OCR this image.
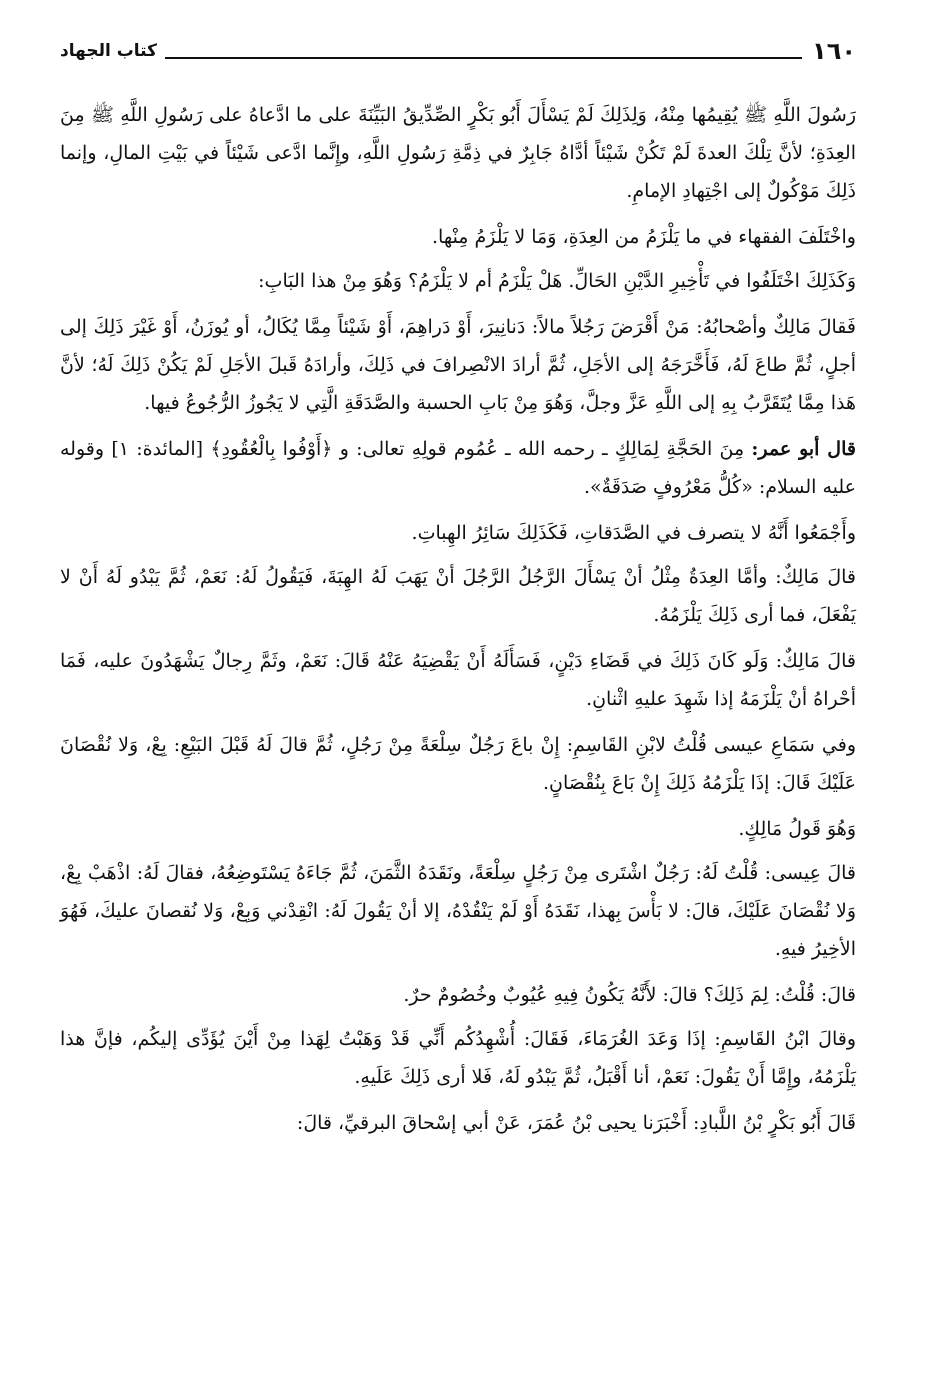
١٦٠
كتاب الجهاد

رَسُولَ اللَّهِ ﷺ يُقِيمُها مِنْهُ، وَلِذَلِكَ لَمْ يَسْأَلَ أَبُو بَكْرٍ الصِّدِّيقُ البَيِّنَةَ على ما ادَّعاهُ على رَسُولِ اللَّهِ ﷺ مِنَ العِدَةِ؛ لأنَّ تِلْكَ العدةَ لَمْ تَكُنْ شَيْئاً أدَّاهُ جَابِرٌ في ذِمَّةِ رَسُولِ اللَّهِ، وإِنَّما ادَّعى شَيْئاً في بَيْتِ المالِ، وإنما ذَلِكَ مَوْكُولٌ إلى اجْتِهادِ الإمامِ.

واخْتَلَفَ الفقهاء في ما يَلْزَمُ من العِدَةِ، وَمَا لا يَلْزَمُ مِنْها.

وَكَذَلِكَ اخْتَلَفُوا في تَأْخِيرِ الدَّيْنِ الحَالِّ. هَلْ يَلْزَمُ أم لا يَلْزَمُ؟ وَهُوَ مِنْ هذا البَابِ:

فَقالَ مَالِكٌ وأصْحابُهُ: مَنْ أَقْرَضَ رَجُلاً مالاً: دَنانِيرَ، أَوْ دَراهِمَ، أَوْ شَيْئاً مِمَّا يُكَالُ، أو يُوزَنُ، أَوْ غَيْرَ ذَلِكَ إلى أجلٍ، ثُمَّ طاعَ لَهُ، فَأَخَّرَجَهُ إلى الأجَلِ، ثُمَّ أرادَ الانْصِرافَ في ذَلِكَ، وأرادَهُ قَبلَ الأجَلِ لَمْ يَكُنْ ذَلِكَ لَهُ؛ لأنَّ هَذا مِمَّا يُتَقَرَّبُ بِهِ إلى اللَّهِ عَزَّ وجلَّ، وَهُوَ مِنْ بَابِ الحسبة والصَّدَقَةِ الَّتِي لا يَجُوزُ الرُّجُوعُ فيها.

قال أبو عمر: مِنَ الحَجَّةِ لِمَالِكٍ ـ رحمه الله ـ عُمُوم قولِهِ تعالى: و ﴿أَوْفُوا بِالْعُقُودِ﴾ [المائدة: ١] وقوله عليه السلام: «كُلُّ مَعْرُوفٍ صَدَقَةٌ».

وأَجْمَعُوا أَنَّهُ لا يتصرف في الصَّدَقاتِ، فَكَذَلِكَ سَائِرُ الهِباتِ.

قالَ مَالِكٌ: وأمَّا العِدَةُ مِثْلُ أنْ يَسْأَلَ الرَّجُلُ الرَّجُلَ أنْ يَهَبَ لَهُ الهِبَةَ، فَيَقُولُ لَهُ: نَعَمْ، ثُمَّ يَبْدُو لَهُ أَنْ لا يَفْعَلَ، فما أرى ذَلِكَ يَلْزَمُهُ.

قالَ مَالِكٌ: وَلَو كَانَ ذَلِكَ في قَضَاءِ دَيْنٍ، فَسَأَلَهُ أَنْ يَقْضِيَهُ عَنْهُ قَالَ: نَعَمْ، وثَمَّ رِجالٌ يَشْهَدُونَ عليه، فَمَا أحْراهُ أنْ يَلْزَمَهُ إذا شَهِدَ عليهِ اثْنانِ.

وفي سَمَاعِ عيسى قُلْتُ لابْنِ القَاسِمِ: إِنْ باعَ رَجُلٌ سِلْعَةً مِنْ رَجُلٍ، ثُمَّ قالَ لَهُ قَبْلَ البَيْعِ: بِعْ، وَلا نُقْصَانَ عَلَيْكَ قَالَ: إذَا يَلْزَمُهُ ذَلِكَ إِنْ بَاعَ بِنُقْصَانٍ.

وَهُوَ قَولُ مَالِكٍ.

قالَ عِيسى: قُلْتُ لَهُ: رَجُلٌ اشْتَرى مِنْ رَجُلٍ سِلْعَةً، ونَقَدَهُ الثَّمَنَ، ثُمَّ جَاءَهُ يَسْتَوضِعُهُ، فقالَ لَهُ: اذْهَبْ بِعْ، وَلا نُقْصَانَ عَلَيْكَ، قالَ: لا بَأْسَ بِهذا، نَقَدَهُ أَوْ لَمْ يَنْقُدْهُ، إلا أنْ يَقُولَ لَهُ: انْقِدْني وَبِعْ، وَلا نُقصانَ عليكَ، فَهُوَ الأخِيرُ فيهِ.

قالَ: قُلْتُ: لِمَ ذَلِكَ؟ قالَ: لأَنَّهُ يَكُونُ فِيهِ عُيُوبٌ وخُصُومٌ حرٌ.

وقالَ ابْنُ القَاسِمِ: إذَا وَعَدَ الغُرَمَاءَ، فَقَالَ: أُشْهِدُكُم أَنِّي قَدْ وَهَبْتُ لِهَذا مِنْ أَيْنَ يُؤَدِّى إليكُم، فإنَّ هذا يَلْزَمُهُ، وإِمَّا أَنْ يَقُولَ: نَعَمْ، أنا أَقْبَلُ، ثُمَّ يَبْدُو لَهُ، فَلا أرى ذَلِكَ عَلَيهِ.

قَالَ أَبُو بَكْرٍ بْنُ اللَّبادِ: أَخْبَرَنا يحيى بْنُ عُمَرَ، عَنْ أبي إسْحاقَ البرقيِّ، قالَ:
